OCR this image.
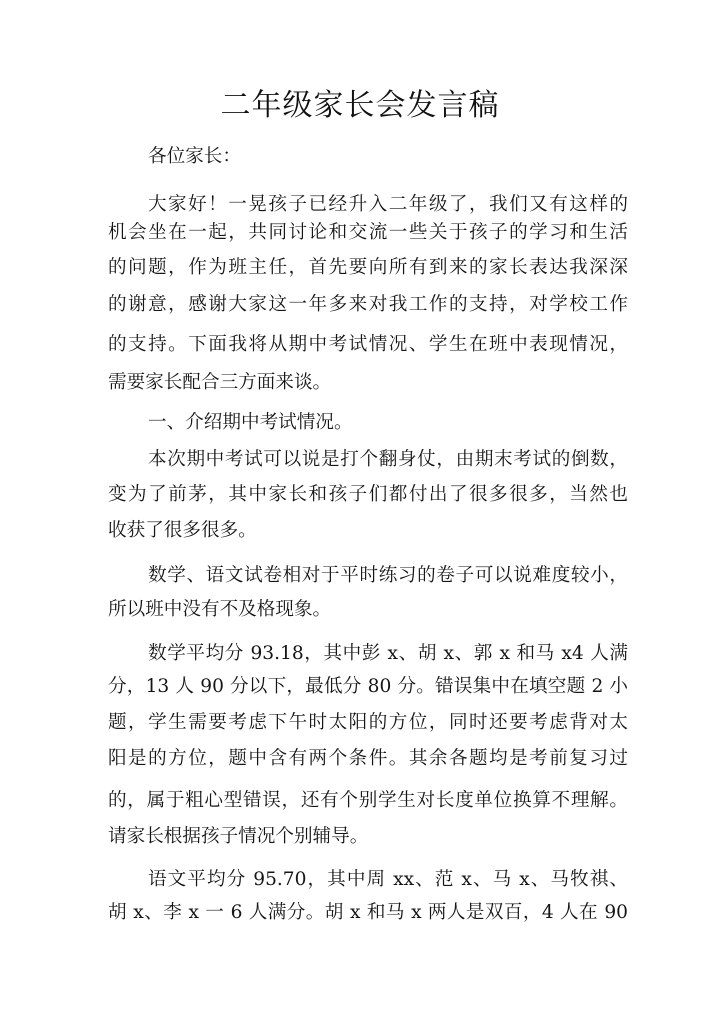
二年级家长会发言稿
各位家长：
大家好！一晃孩子已经升入二年级了，我们又有这样的
机会坐在一起，共同讨论和交流一些关于孩子的学习和生活
的问题，作为班主任，首先要向所有到来的家长表达我深深
的谢意，感谢大家这一年多来对我工作的支持，对学校工作
的支持。下面我将从期中考试情况、学生在班中表现情况，
需要家长配合三方面来谈。
一、介绍期中考试情况。
本次期中考试可以说是打个翻身仗，由期末考试的倒数，
变为了前茅，其中家长和孩子们都付出了很多很多，当然也
收获了很多很多。
数学、语文试卷相对于平时练习的卷子可以说难度较小，
所以班中没有不及格现象。
数学平均分 93.18，其中彭 x、胡 x、郭 x 和马 x4 人满
分，13 人 90 分以下，最低分 80 分。错误集中在填空题 2 小
题，学生需要考虑下午时太阳的方位，同时还要考虑背对太
阳是的方位，题中含有两个条件。其余各题均是考前复习过
的，属于粗心型错误，还有个别学生对长度单位换算不理解。
请家长根据孩子情况个别辅导。
语文平均分 95.70，其中周 xx、范 x、马 x、马牧祺、
胡 x、李 x 一 6 人满分。胡 x 和马 x 两人是双百，4 人在 90
